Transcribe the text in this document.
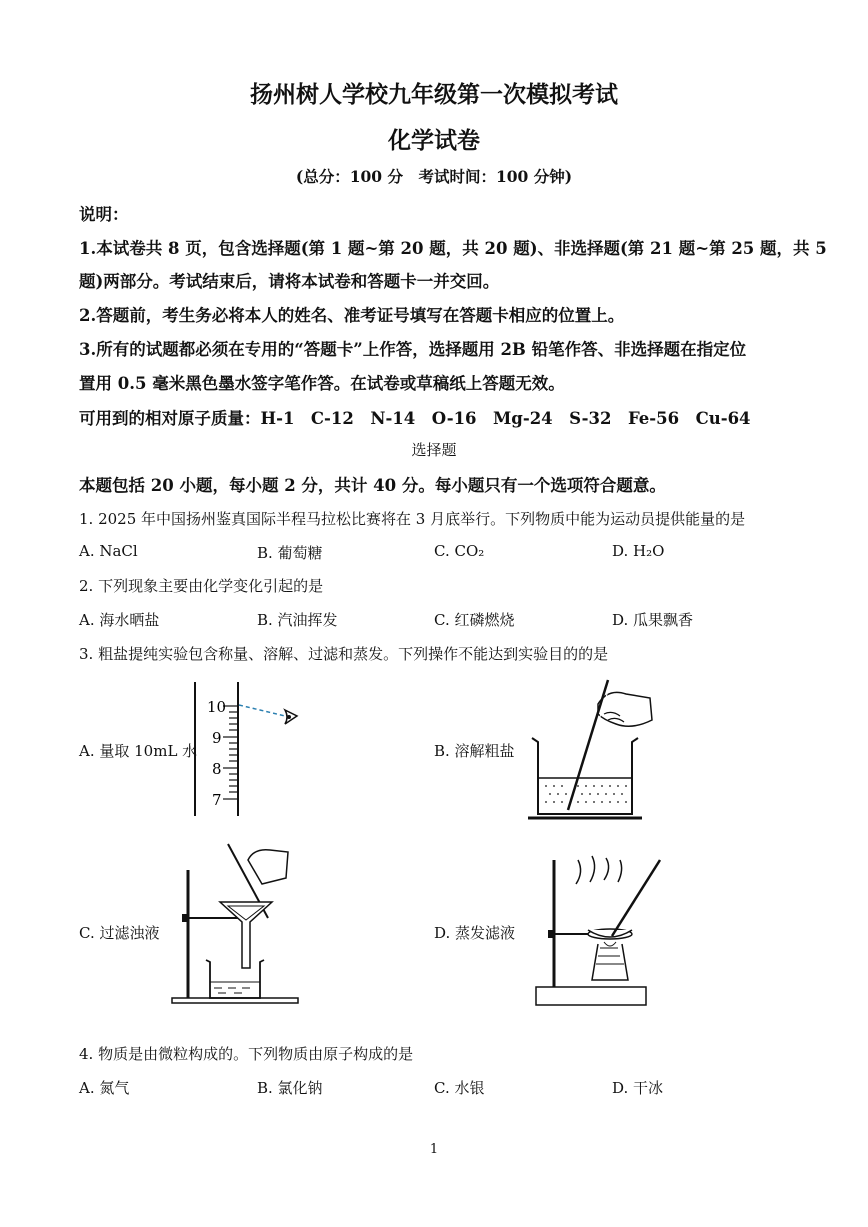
扬州树人学校九年级第一次模拟考试
化学试卷
(总分：100 分　考试时间：100 分钟)
说明：
1.本试卷共 8 页，包含选择题(第 1 题~第 20 题，共 20 题)、非选择题(第 21 题~第 25 题，共 5
题)两部分。考试结束后，请将本试卷和答题卡一并交回。
2.答题前，考生务必将本人的姓名、准考证号填写在答题卡相应的位置上。
3.所有的试题都必须在专用的“答题卡”上作答，选择题用 2B 铅笔作答、非选择题在指定位
置用 0.5 毫米黑色墨水签字笔作答。在试卷或草稿纸上答题无效。
可用到的相对原子质量：H-1　C-12　N-14　O-16　Mg-24　S-32　Fe-56　Cu-64
选择题
本题包括 20 小题，每小题 2 分，共计 40 分。每小题只有一个选项符合题意。
1. 2025 年中国扬州鉴真国际半程马拉松比赛将在 3 月底举行。下列物质中能为运动员提供能量的是
A. NaCl	B. 葡萄糖	C. CO₂	D. H₂O
2. 下列现象主要由化学变化引起的是
A. 海水晒盐	B. 汽油挥发	C. 红磷燃烧	D. 瓜果飘香
3. 粗盐提纯实验包含称量、溶解、过滤和蒸发。下列操作不能达到实验目的的是
A. 量取 10mL 水	B. 溶解粗盐
C. 过滤浊液	D. 蒸发滤液
10
9
8
7
4. 物质是由微粒构成的。下列物质由原子构成的是
A. 氮气	B. 氯化钠	C. 水银	D. 干冰
1
